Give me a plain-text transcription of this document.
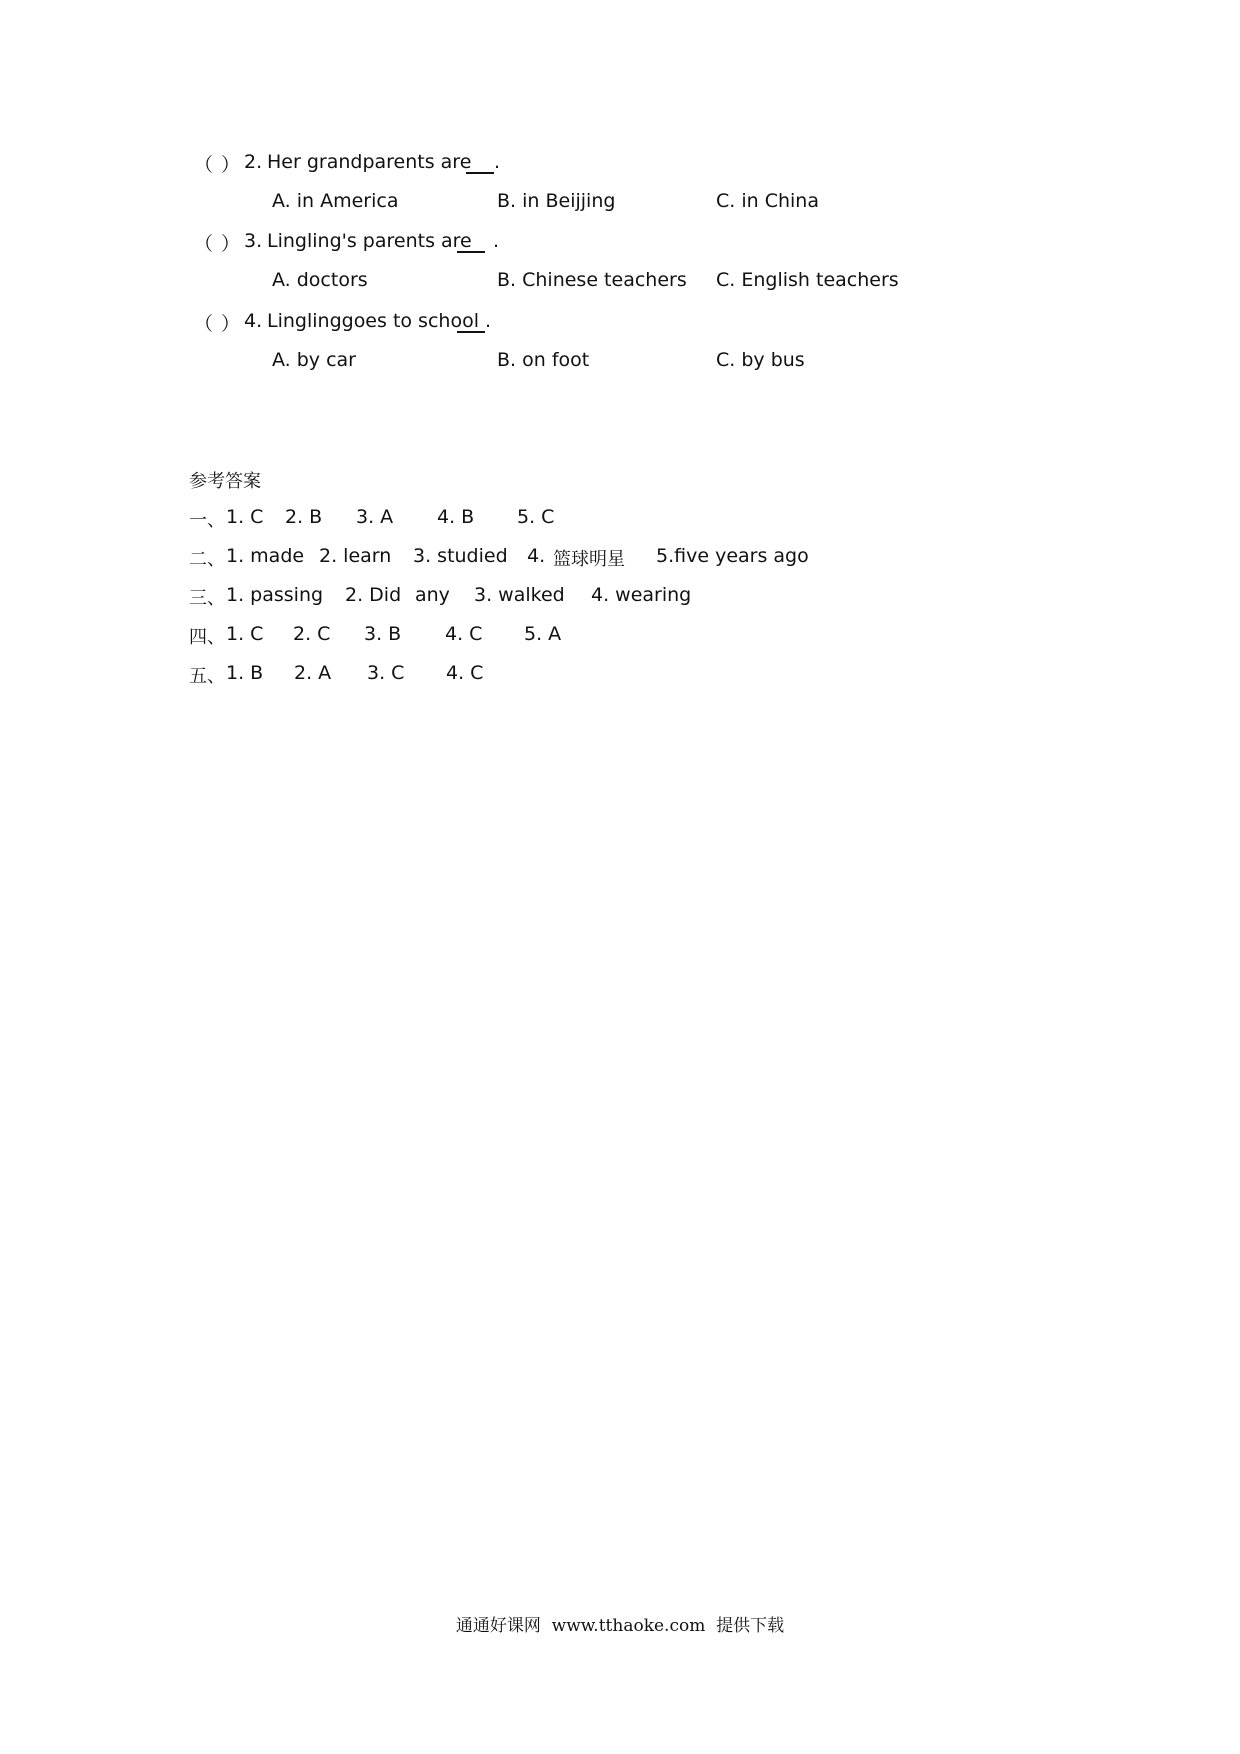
（ ） 2. Her grandparents are .
A. in America	B. in Beijjing	C. in China
（ ） 3. Lingling's parents are .
A. doctors	B. Chinese teachers C. English teachers
（ ） 4. Linglinggoes to school .
A. by car	B. on foot	C. by bus
参考答案
一、 1. C 2. B 3. A 4. B 5. C
二、 1. made 2. learn 3. studied 4. 篮球明星 5.five years ago
三、 1. passing 2. Did any 3. walked 4. wearing
四、 1. C 2. C 3. B 4. C 5. A
五、 1. B 2. A 3. C 4. C
通通好课网  www.tthaoke.com  提供下载
